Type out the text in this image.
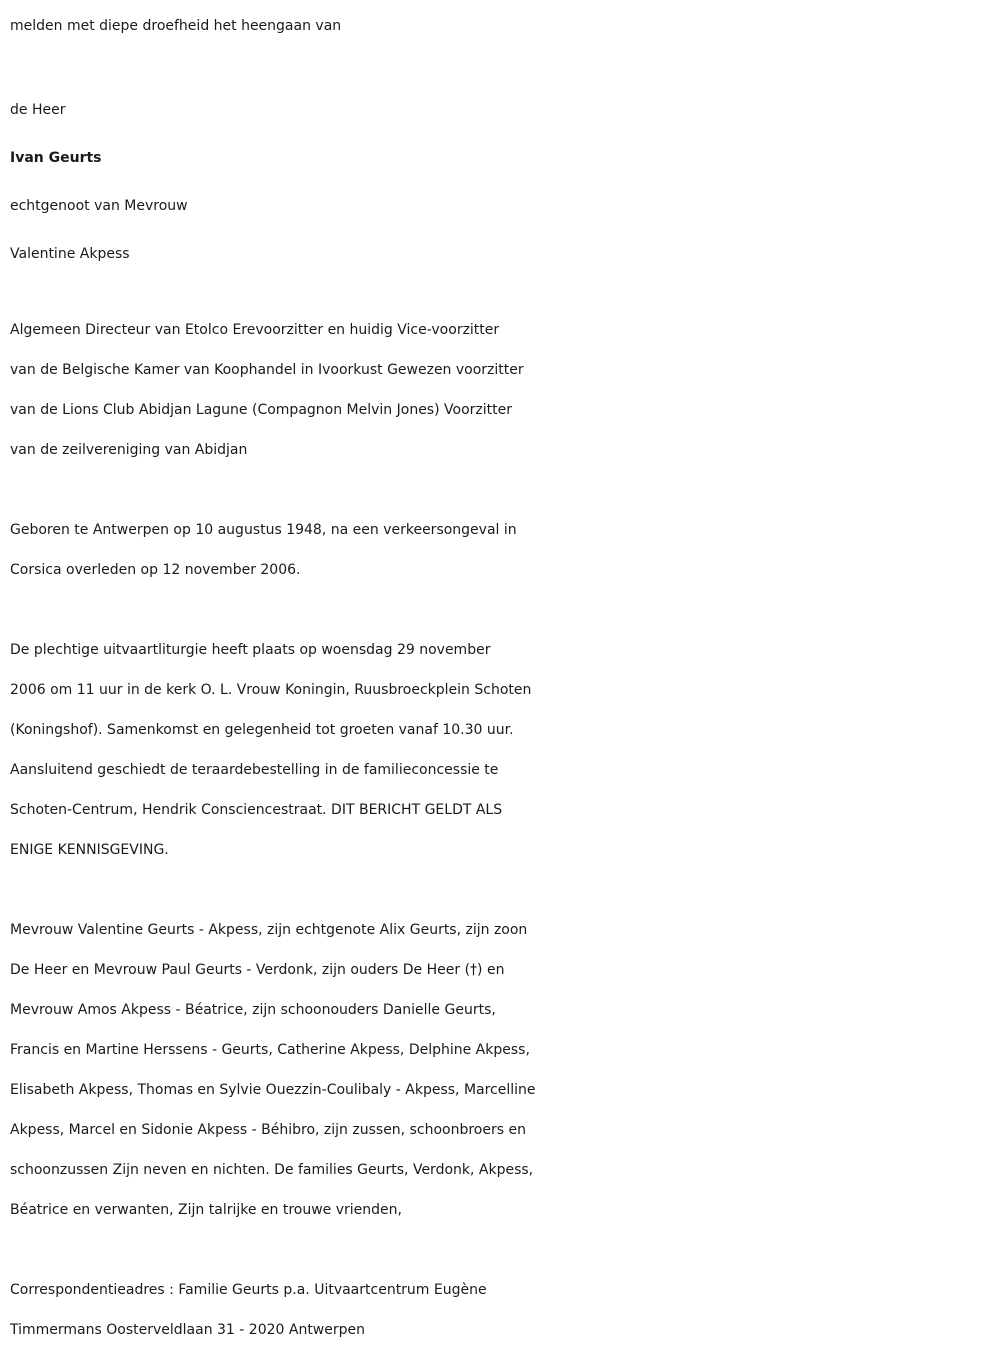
melden met diepe droefheid het heengaan van

de Heer

Ivan Geurts

echtgenoot van Mevrouw

Valentine Akpess

Algemeen Directeur van Etolco Erevoorzitter en huidig Vice-voorzitter

van de Belgische Kamer van Koophandel in Ivoorkust Gewezen voorzitter

van de Lions Club Abidjan Lagune (Compagnon Melvin Jones) Voorzitter

van de zeilvereniging van Abidjan

Geboren te Antwerpen op 10 augustus 1948, na een verkeersongeval in

Corsica overleden op 12 november 2006.

De plechtige uitvaartliturgie heeft plaats op woensdag 29 november

2006 om 11 uur in de kerk O. L. Vrouw Koningin, Ruusbroeckplein Schoten

(Koningshof). Samenkomst en gelegenheid tot groeten vanaf 10.30 uur.

Aansluitend geschiedt de teraardebestelling in de familieconcessie te

Schoten-Centrum, Hendrik Consciencestraat. DIT BERICHT GELDT ALS

ENIGE KENNISGEVING.

Mevrouw Valentine Geurts - Akpess, zijn echtgenote Alix Geurts, zijn zoon

De Heer en Mevrouw Paul Geurts - Verdonk, zijn ouders De Heer (†) en

Mevrouw Amos Akpess - Béatrice, zijn schoonouders Danielle Geurts,

Francis en Martine Herssens - Geurts, Catherine Akpess, Delphine Akpess,

Elisabeth Akpess, Thomas en Sylvie Ouezzin-Coulibaly - Akpess, Marcelline

Akpess, Marcel en Sidonie Akpess - Béhibro, zijn zussen, schoonbroers en

schoonzussen Zijn neven en nichten. De families Geurts, Verdonk, Akpess,

Béatrice en verwanten, Zijn talrijke en trouwe vrienden,

Correspondentieadres : Familie Geurts p.a. Uitvaartcentrum Eugène

Timmermans Oosterveldlaan 31 - 2020 Antwerpen
